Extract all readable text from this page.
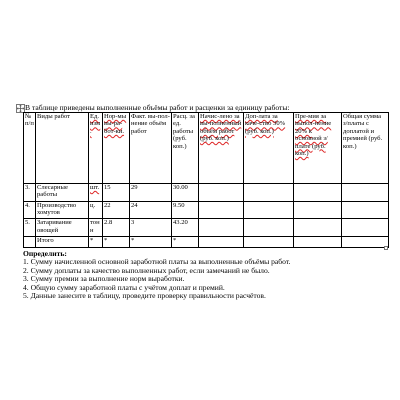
В таблице приведены выполненные объёмы работ и расценки за единицу работы:
№ п/п	Виды работ	Ед. изм.	Нор-мы вы-ра-бот-ки.	Факт. вы-пол-нение объём работ	Расц. за ед. работы (руб. коп.)	Начис-лено за вы-полненный объём работ (руб. коп.)	Доп-лата за каче-ство 30% (руб. коп.)	Пре-мия за выпол-нение 20% к основной з/плате (руб. коп.)	Общая сумма з/платы с доплатой и премией (руб. коп.)
3.	Слесарные работы	шт.	15	29	30.00				
4.	Производство хомутов	ц.	22	24	9.50				
5.	Затаривание овощей	тонн	2.8	3	43.20				
	Итого	*	*	*	*				
Определить:
1. Сумму начисленной основной заработной платы за выполненные объёмы работ.
2. Сумму доплаты за качество выполненных работ, если замечаний не было.
3. Сумму премии за выполнение норм выработки.
4. Общую сумму заработной платы с учётом доплат и премий.
5. Данные занесите в таблицу, проведите проверку правильности расчётов.
